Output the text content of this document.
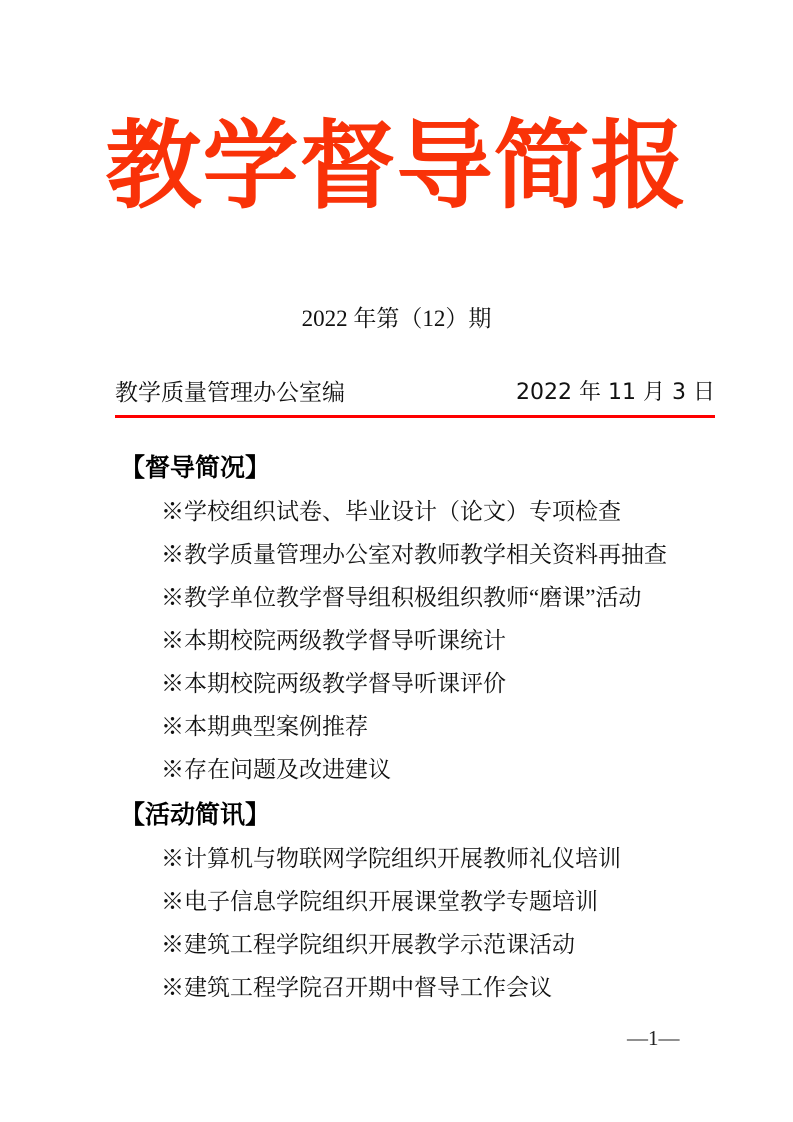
教学督导简报
2022 年第（12）期
教学质量管理办公室编	2022 年 11 月 3 日
【督导简况】
※学校组织试卷、毕业设计（论文）专项检查
※教学质量管理办公室对教师教学相关资料再抽查
※教学单位教学督导组积极组织教师“磨课”活动
※本期校院两级教学督导听课统计
※本期校院两级教学督导听课评价
※本期典型案例推荐
※存在问题及改进建议
【活动简讯】
※计算机与物联网学院组织开展教师礼仪培训
※电子信息学院组织开展课堂教学专题培训
※建筑工程学院组织开展教学示范课活动
※建筑工程学院召开期中督导工作会议
—1—
